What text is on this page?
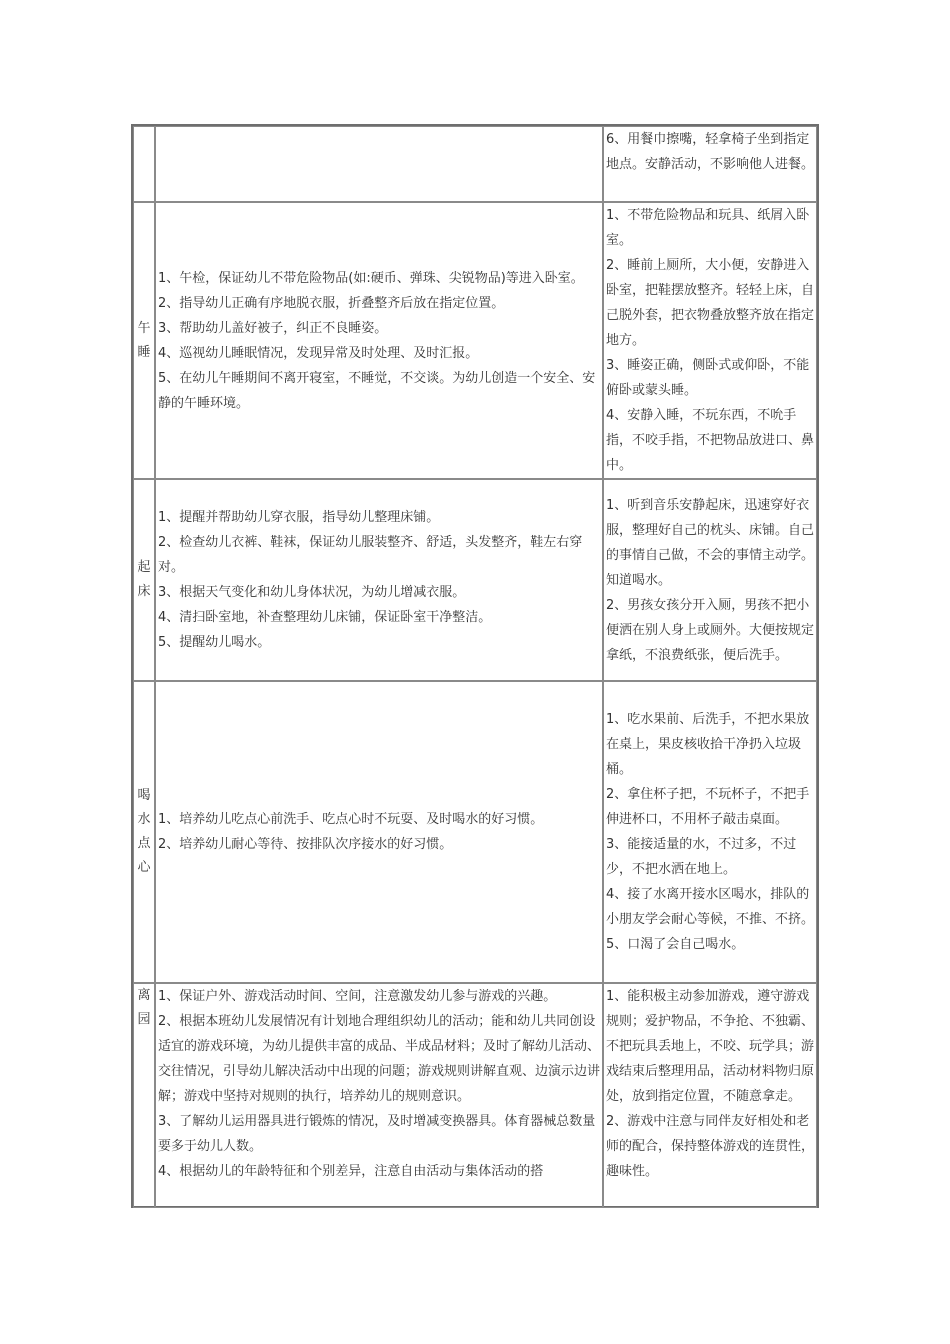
		6、用餐巾擦嘴，轻拿椅子坐到指定地点。安静活动，不影响他人进餐。

午
睡	1、午检，保证幼儿不带危险物品(如:硬币、弹珠、尖锐物品)等进入卧室。
2、指导幼儿正确有序地脱衣服，折叠整齐后放在指定位置。
3、帮助幼儿盖好被子，纠正不良睡姿。
4、巡视幼儿睡眠情况，发现异常及时处理、及时汇报。
5、在幼儿午睡期间不离开寝室，不睡觉，不交谈。为幼儿创造一个安全、安静的午睡环境。	1、不带危险物品和玩具、纸屑入卧室。
2、睡前上厕所，大小便，安静进入卧室，把鞋摆放整齐。轻轻上床，自己脱外套，把衣物叠放整齐放在指定地方。
3、睡姿正确，侧卧式或仰卧，不能俯卧或蒙头睡。
4、安静入睡，不玩东西，不吮手指，不咬手指，不把物品放进口、鼻中。

起
床	1、提醒并帮助幼儿穿衣服，指导幼儿整理床铺。
2、检查幼儿衣裤、鞋袜，保证幼儿服装整齐、舒适，头发整齐，鞋左右穿对。
3、根据天气变化和幼儿身体状况，为幼儿增减衣服。
4、清扫卧室地，补查整理幼儿床铺，保证卧室干净整洁。
5、提醒幼儿喝水。	1、听到音乐安静起床，迅速穿好衣服，整理好自己的枕头、床铺。自己的事情自己做，不会的事情主动学。知道喝水。
2、男孩女孩分开入厕，男孩不把小便洒在别人身上或厕外。大便按规定拿纸，不浪费纸张，便后洗手。

喝
水
点
心	1、培养幼儿吃点心前洗手、吃点心时不玩耍、及时喝水的好习惯。
2、培养幼儿耐心等待、按排队次序接水的好习惯。	1、吃水果前、后洗手，不把水果放在桌上，果皮核收拾干净扔入垃圾桶。
2、拿住杯子把，不玩杯子，不把手伸进杯口，不用杯子敲击桌面。
3、能接适量的水，不过多，不过少，不把水洒在地上。
4、接了水离开接水区喝水，排队的小朋友学会耐心等候，不推、不挤。
5、口渴了会自己喝水。

离
园	1、保证户外、游戏活动时间、空间，注意激发幼儿参与游戏的兴趣。
2、根据本班幼儿发展情况有计划地合理组织幼儿的活动；能和幼儿共同创设适宜的游戏环境，为幼儿提供丰富的成品、半成品材料；及时了解幼儿活动、交往情况，引导幼儿解决活动中出现的问题；游戏规则讲解直观、边演示边讲解；游戏中坚持对规则的执行，培养幼儿的规则意识。
3、了解幼儿运用器具进行锻炼的情况，及时增减变换器具。体育器械总数量要多于幼儿人数。
4、根据幼儿的年龄特征和个别差异，注意自由活动与集体活动的搭	1、能积极主动参加游戏，遵守游戏规则；爱护物品，不争抢、不独霸、不把玩具丢地上，不咬、玩学具；游戏结束后整理用品，活动材料物归原处，放到指定位置，不随意拿走。
2、游戏中注意与同伴友好相处和老师的配合，保持整体游戏的连贯性，趣味性。
